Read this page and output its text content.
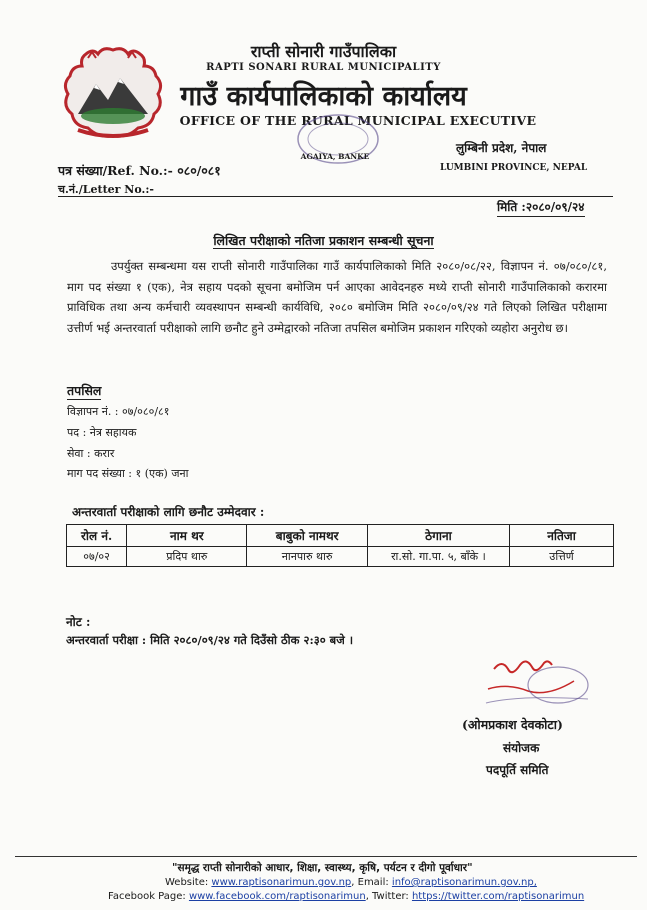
राप्ती सोनारी गाउँपालिका
RAPTI SONARI RURAL MUNICIPALITY
गाउँ कार्यपालिकाको कार्यालय
OFFICE OF THE RURAL MUNICIPAL EXECUTIVE
AGAIYA, BANKE
लुम्बिनी प्रदेश, नेपाल
LUMBINI PROVINCE, NEPAL
पत्र संख्या/Ref. No.:- ०८०/०८१
च.नं./Letter No.:-
मिति :२०८०/०९/२४
लिखित परीक्षाको नतिजा प्रकाशन सम्बन्धी सूचना
उपर्युक्त सम्बन्धमा यस राप्ती सोनारी गाउँपालिका गाउँ कार्यपालिकाको मिति २०८०/०८/२२, विज्ञापन नं. ०७/०८०/८१, माग पद संख्या १ (एक), नेत्र सहाय पदको सूचना बमोजिम पर्न आएका आवेदनहरु मध्ये राप्ती सोनारी गाउँपालिकाको करारमा प्राविधिक तथा अन्य कर्मचारी व्यवस्थापन सम्बन्धी कार्यविधि, २०८० बमोजिम मिति २०८०/०९/२४ गते लिएको लिखित परीक्षामा उत्तीर्ण भई अन्तरवार्ता परीक्षाको लागि छनौट हुने उम्मेद्वारको नतिजा तपसिल बमोजिम प्रकाशन गरिएको व्यहोरा अनुरोध छ।
तपसिल
विज्ञापन नं. : ०७/०८०/८१
पद : नेत्र सहायक
सेवा : करार
माग पद संख्या : १ (एक) जना
अन्तरवार्ता परीक्षाको लागि छनौट उम्मेदवार :
रोल नं.	नाम थर	बाबुको नामथर	ठेगाना	नतिजा
०७/०२	प्रदिप थारु	नानपारु थारु	रा.सो. गा.पा. ५, बाँके ।	उत्तिर्ण
नोट :
अन्तरवार्ता परीक्षा : मिति २०८०/०९/२४ गते दिउँसो ठीक २:३० बजे ।
(ओमप्रकाश देवकोटा)
संयोजक
पदपूर्ति समिति
"समृद्ध राप्ती सोनारीको आधार, शिक्षा, स्वास्थ्य, कृषि, पर्यटन र दीगो पूर्वाधार"
Website: www.raptisonarimun.gov.np, Email: info@raptisonarimun.gov.np,
Facebook Page: www.facebook.com/raptisonarimun, Twitter: https://twitter.com/raptisonarimun
